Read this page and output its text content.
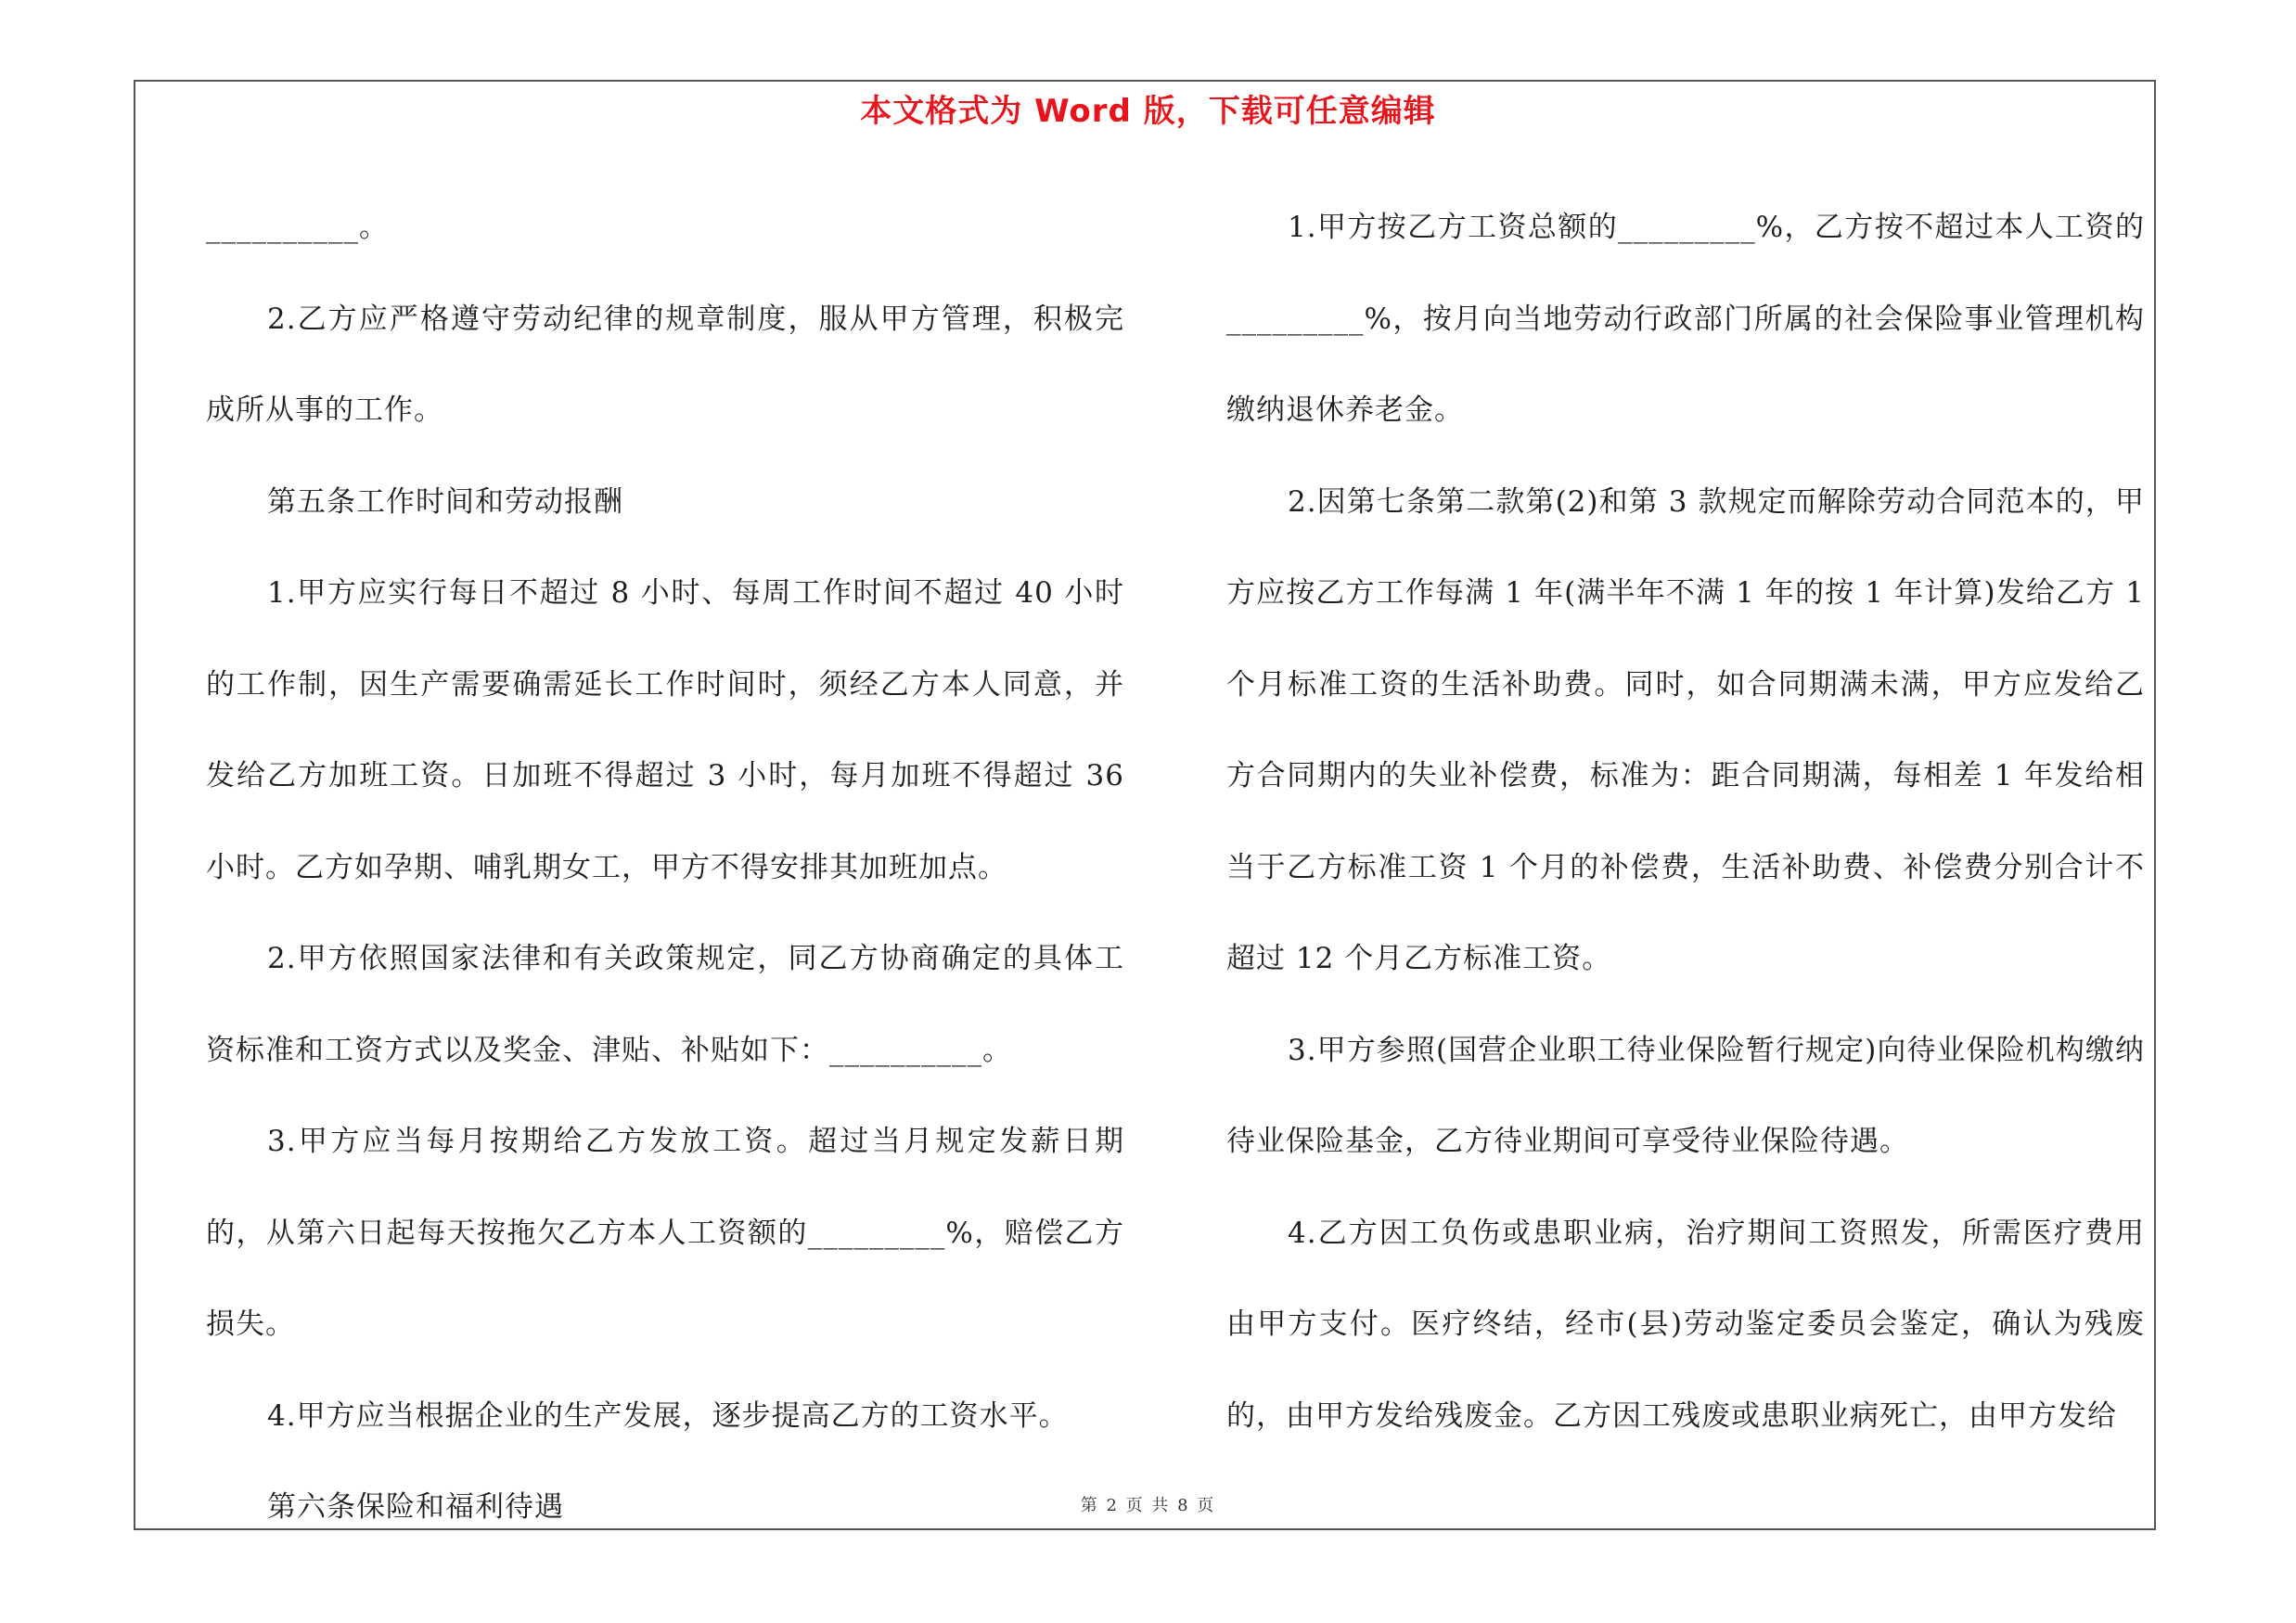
本文格式为 Word 版，下载可任意编辑

__________。

2.乙方应严格遵守劳动纪律的规章制度，服从甲方管理，积极完成所从事的工作。

第五条工作时间和劳动报酬

1.甲方应实行每日不超过 8 小时、每周工作时间不超过 40 小时的工作制，因生产需要确需延长工作时间时，须经乙方本人同意，并发给乙方加班工资。日加班不得超过 3 小时，每月加班不得超过 36 小时。乙方如孕期、哺乳期女工，甲方不得安排其加班加点。

2.甲方依照国家法律和有关政策规定，同乙方协商确定的具体工资标准和工资方式以及奖金、津贴、补贴如下：__________。

3.甲方应当每月按期给乙方发放工资。超过当月规定发薪日期的，从第六日起每天按拖欠乙方本人工资额的_________%，赔偿乙方损失。

4.甲方应当根据企业的生产发展，逐步提高乙方的工资水平。

第六条保险和福利待遇

1.甲方按乙方工资总额的_________%，乙方按不超过本人工资的_________%，按月向当地劳动行政部门所属的社会保险事业管理机构缴纳退休养老金。

2.因第七条第二款第(2)和第 3 款规定而解除劳动合同范本的，甲方应按乙方工作每满 1 年(满半年不满 1 年的按 1 年计算)发给乙方 1 个月标准工资的生活补助费。同时，如合同期满未满，甲方应发给乙方合同期内的失业补偿费，标准为：距合同期满，每相差 1 年发给相当于乙方标准工资 1 个月的补偿费，生活补助费、补偿费分别合计不超过 12 个月乙方标准工资。

3.甲方参照(国营企业职工待业保险暂行规定)向待业保险机构缴纳待业保险基金，乙方待业期间可享受待业保险待遇。

4.乙方因工负伤或患职业病，治疗期间工资照发，所需医疗费用由甲方支付。医疗终结，经市(县)劳动鉴定委员会鉴定，确认为残废的，由甲方发给残废金。乙方因工残废或患职业病死亡，由甲方发给

第 2 页 共 8 页
